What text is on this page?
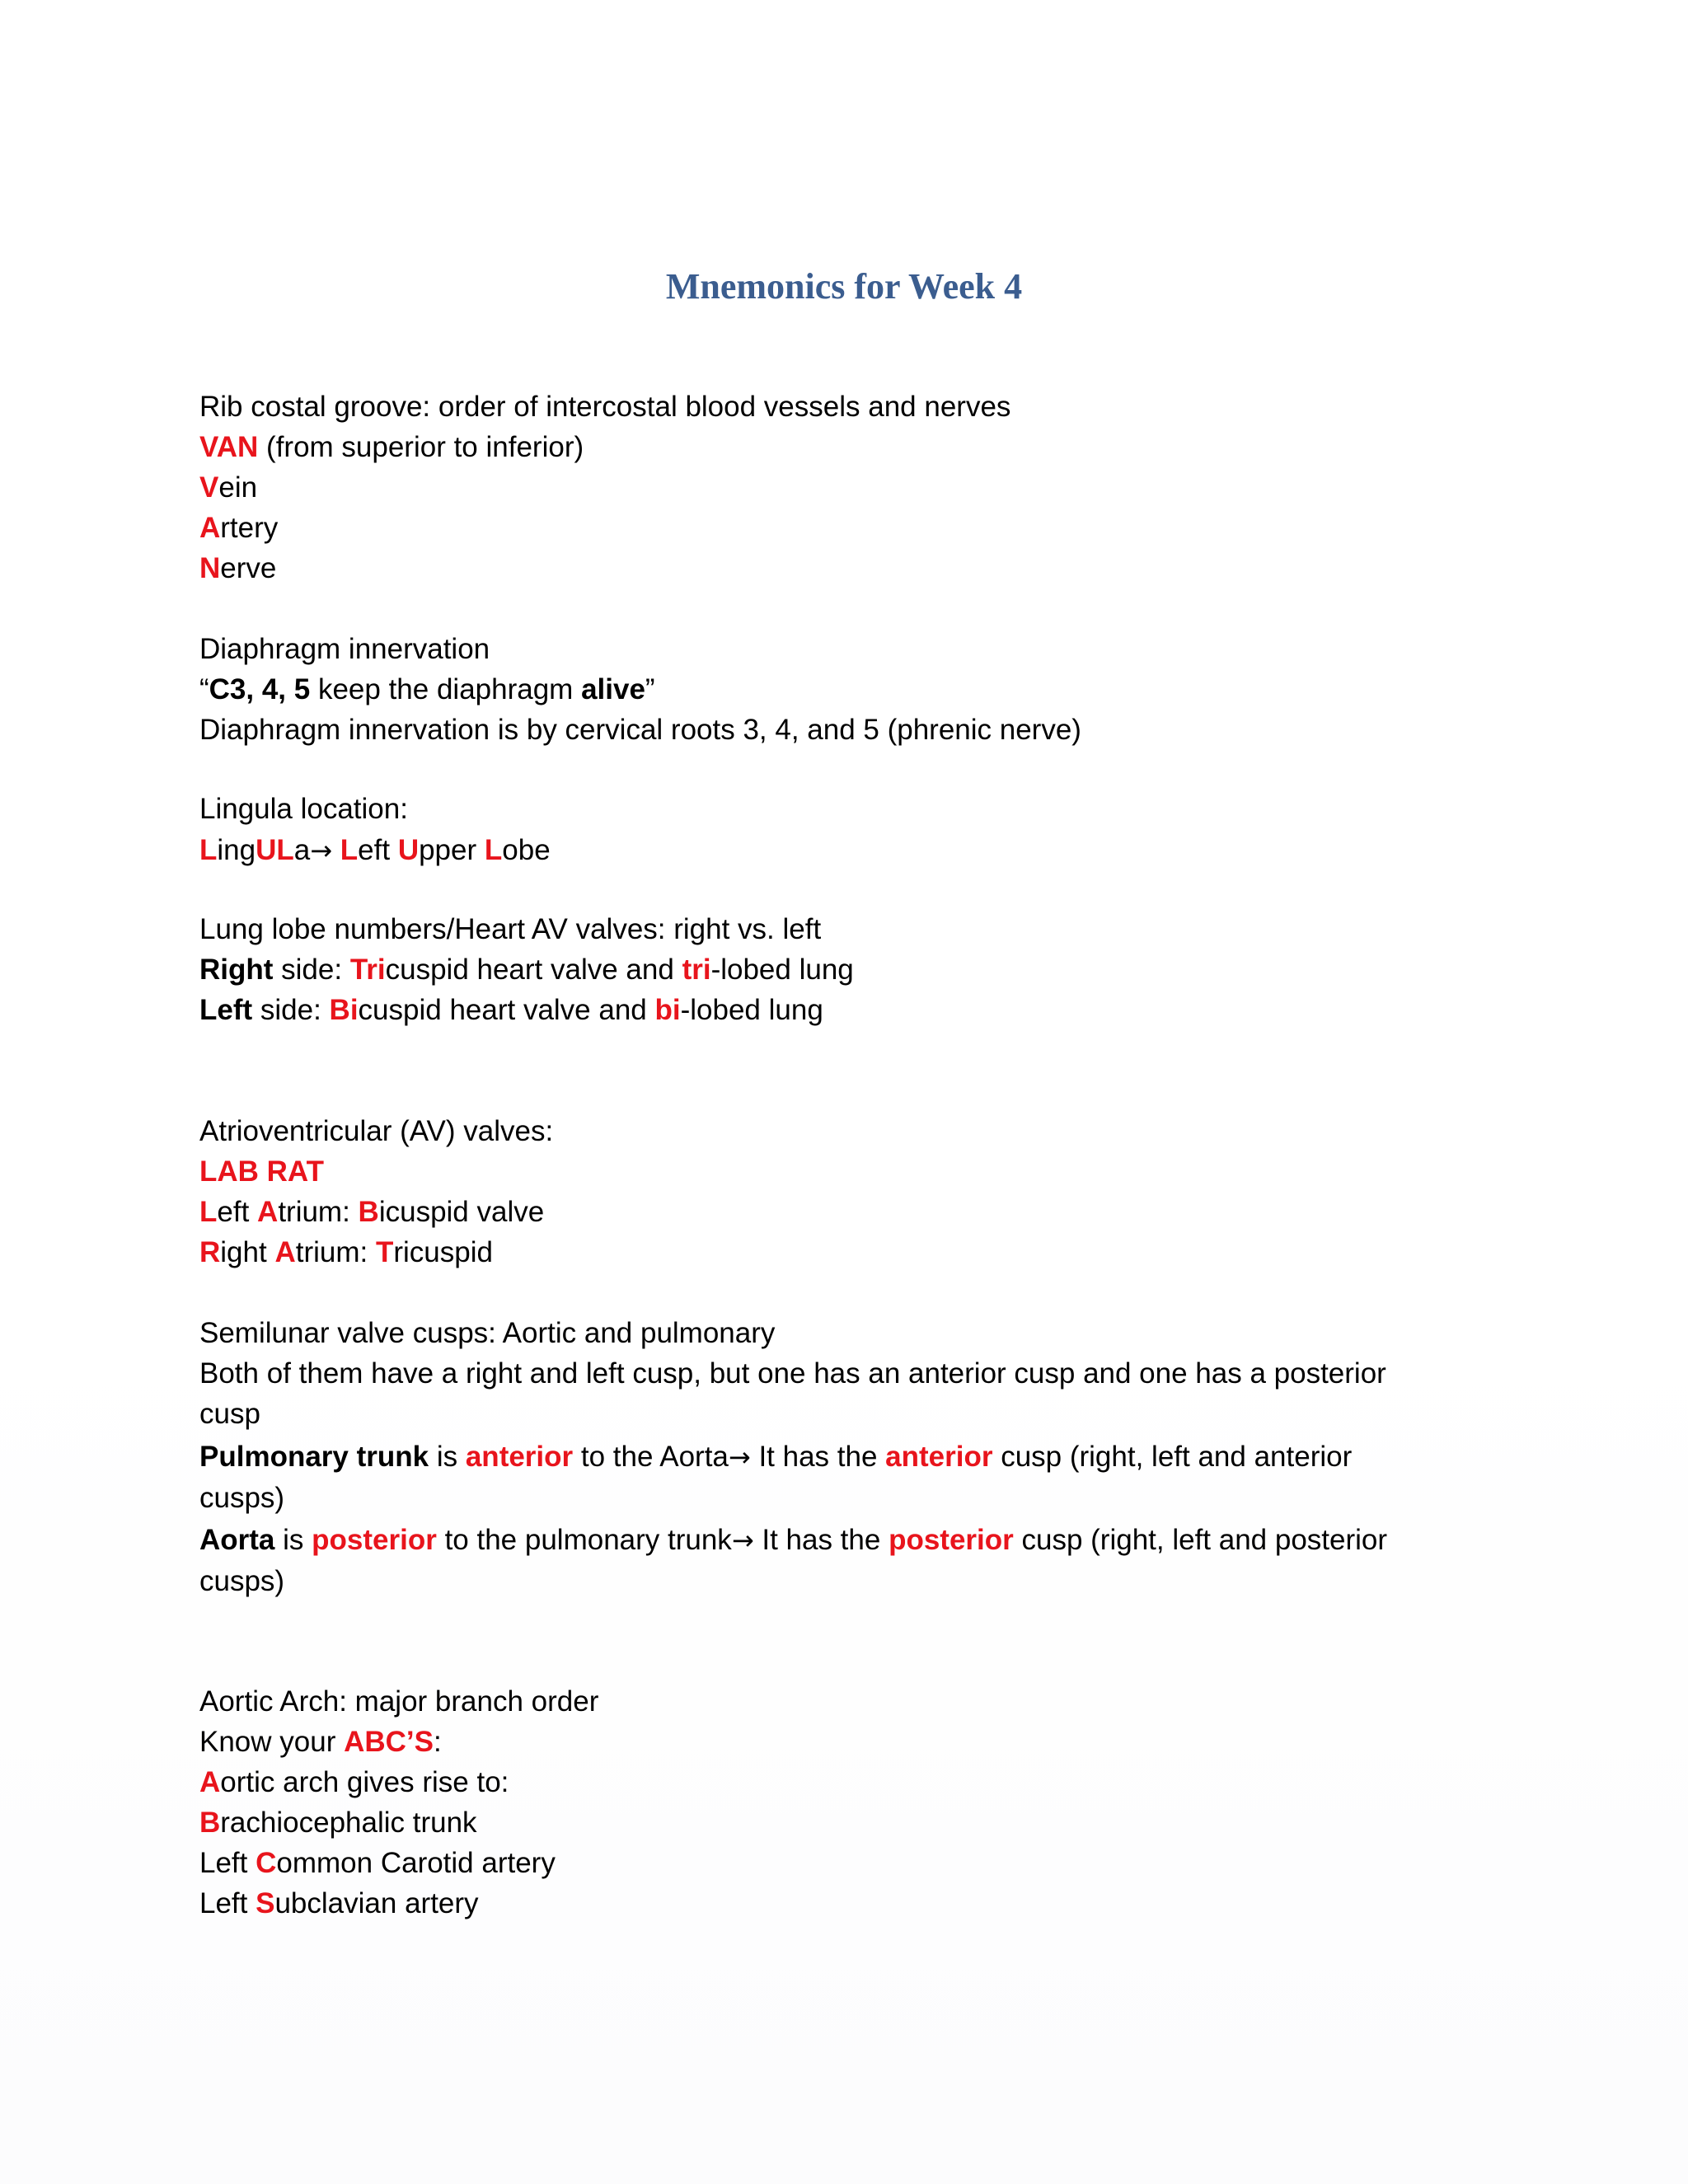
Mnemonics for Week 4

Rib costal groove: order of intercostal blood vessels and nerves

VAN (from superior to inferior)

Vein

Artery

Nerve

Diaphragm innervation

“C3, 4, 5 keep the diaphragm alive”

Diaphragm innervation is by cervical roots 3, 4, and 5 (phrenic nerve)

Lingula location:

LingULa→ Left Upper Lobe

Lung lobe numbers/Heart AV valves: right vs. left

Right side: Tricuspid heart valve and tri-lobed lung

Left side: Bicuspid heart valve and bi-lobed lung

Atrioventricular (AV) valves:

LAB RAT

Left Atrium: Bicuspid valve

Right Atrium: Tricuspid

Semilunar valve cusps: Aortic and pulmonary

Both of them have a right and left cusp, but one has an anterior cusp and one has a posterior

cusp

Pulmonary trunk is anterior to the Aorta→ It has the anterior cusp (right, left and anterior

cusps)

Aorta is posterior to the pulmonary trunk→ It has the posterior cusp (right, left and posterior

cusps)

Aortic Arch: major branch order

Know your ABC’S:

Aortic arch gives rise to:

Brachiocephalic trunk

Left Common Carotid artery

Left Subclavian artery
